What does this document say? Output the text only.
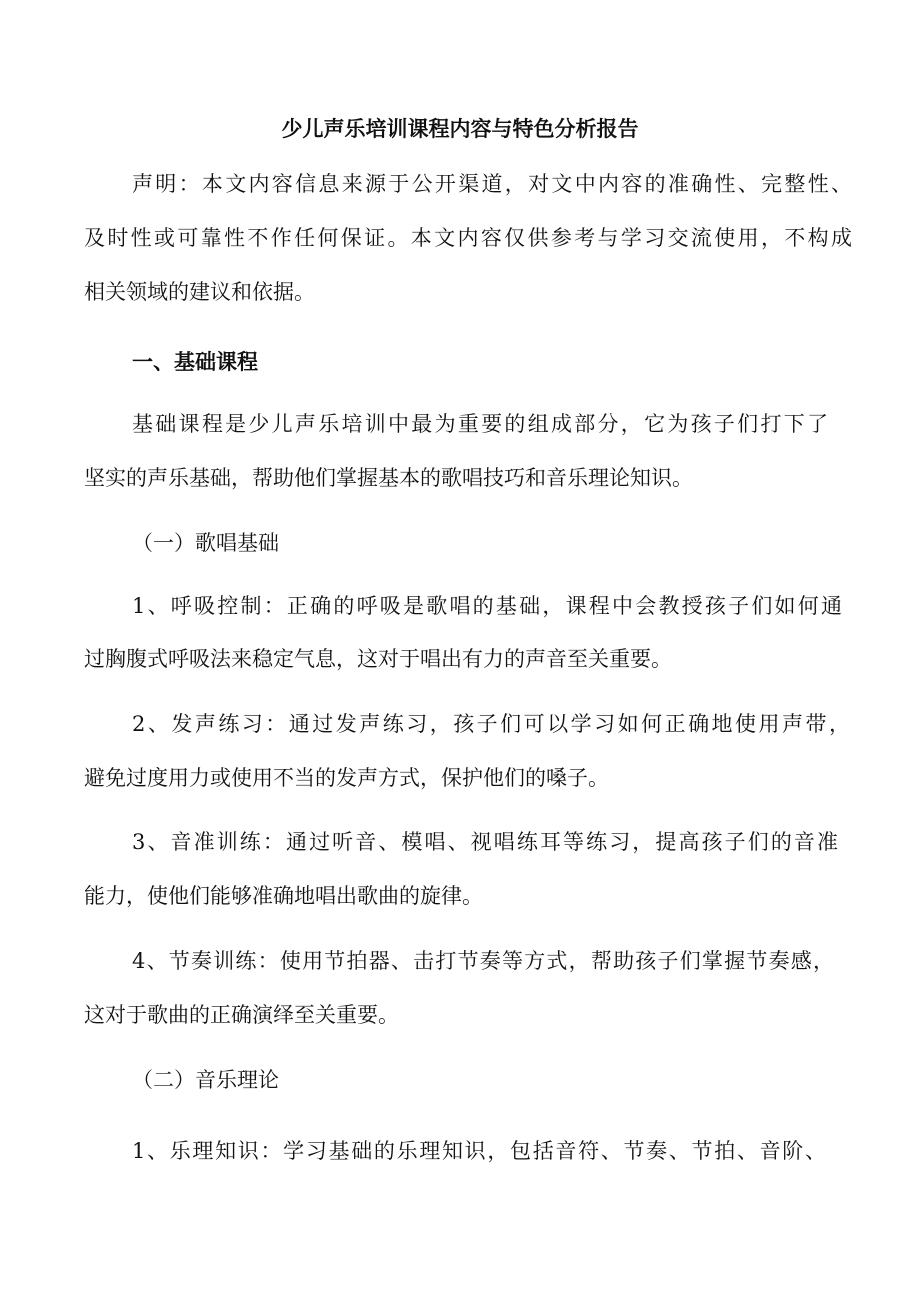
少儿声乐培训课程内容与特色分析报告
声明：本文内容信息来源于公开渠道，对文中内容的准确性、完整性、
及时性或可靠性不作任何保证。本文内容仅供参考与学习交流使用，不构成
相关领域的建议和依据。
一、基础课程
基础课程是少儿声乐培训中最为重要的组成部分，它为孩子们打下了
坚实的声乐基础，帮助他们掌握基本的歌唱技巧和音乐理论知识。
（一）歌唱基础
1、呼吸控制：正确的呼吸是歌唱的基础，课程中会教授孩子们如何通
过胸腹式呼吸法来稳定气息，这对于唱出有力的声音至关重要。
2、发声练习：通过发声练习，孩子们可以学习如何正确地使用声带，
避免过度用力或使用不当的发声方式，保护他们的嗓子。
3、音准训练：通过听音、模唱、视唱练耳等练习，提高孩子们的音准
能力，使他们能够准确地唱出歌曲的旋律。
4、节奏训练：使用节拍器、击打节奏等方式，帮助孩子们掌握节奏感，
这对于歌曲的正确演绎至关重要。
（二）音乐理论
1、乐理知识：学习基础的乐理知识，包括音符、节奏、节拍、音阶、
